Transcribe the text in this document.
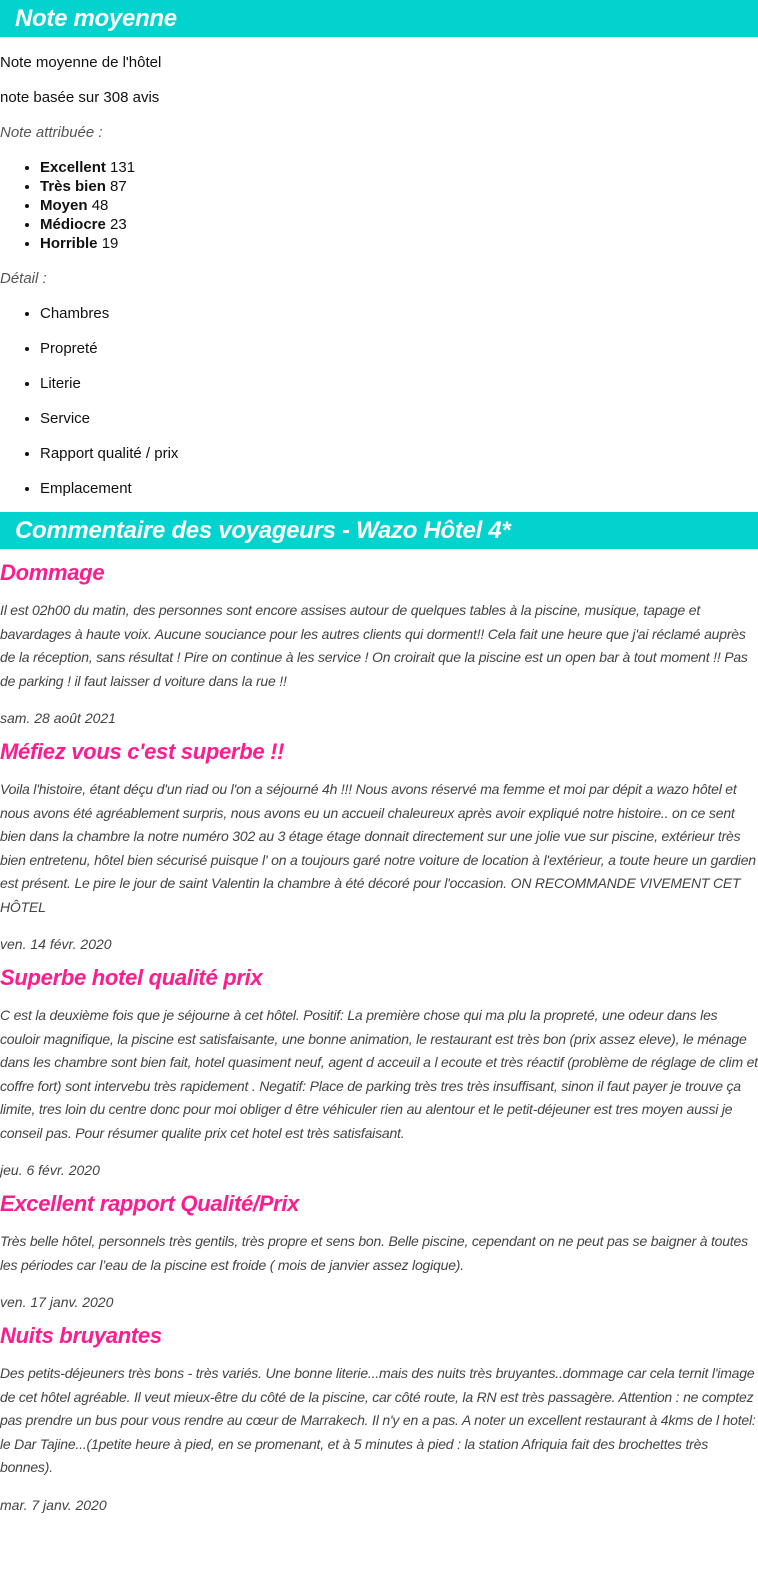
Note moyenne

Note moyenne de l'hôtel

note basée sur 308 avis

Note attribuée :

• Excellent 131
• Très bien 87
• Moyen 48
• Médiocre 23
• Horrible 19

Détail :

• Chambres
• Propreté
• Literie
• Service
• Rapport qualité / prix
• Emplacement
Commentaire des voyageurs - Wazo Hôtel 4*
Dommage

Il est 02h00 du matin, des personnes sont encore assises autour de quelques tables à la piscine, musique, tapage et bavardages à haute voix. Aucune souciance pour les autres clients qui dorment!! Cela fait une heure que j'ai réclamé auprès de la réception, sans résultat ! Pire on continue à les service ! On croirait que la piscine est un open bar à tout moment !! Pas de parking ! il faut laisser d voiture dans la rue !!

sam. 28 août 2021

Méfiez vous c'est superbe !!

Voila l'histoire, étant déçu d'un riad ou l'on a séjourné 4h !!! Nous avons réservé ma femme et moi par dépit a wazo hôtel et nous avons été agréablement surpris, nous avons eu un accueil chaleureux après avoir expliqué notre histoire.. on ce sent bien dans la chambre la notre numéro 302 au 3 étage étage donnait directement sur une jolie vue sur piscine, extérieur très bien entretenu, hôtel bien sécurisé puisque l' on a toujours garé notre voiture de location à l'extérieur, a toute heure un gardien est présent. Le pire le jour de saint Valentin la chambre à été décoré pour l'occasion. ON RECOMMANDE VIVEMENT CET HÔTEL

ven. 14 févr. 2020

Superbe hotel qualité prix

C est la deuxième fois que je séjourne à cet hôtel. Positif: La première chose qui ma plu la propreté, une odeur dans les couloir magnifique, la piscine est satisfaisante, une bonne animation, le restaurant est très bon (prix assez eleve), le ménage dans les chambre sont bien fait, hotel quasiment neuf, agent d acceuil a l ecoute et très réactif (problème de réglage de clim et coffre fort) sont intervebu très rapidement . Negatif: Place de parking très tres très insuffisant, sinon il faut payer je trouve ça limite, tres loin du centre donc pour moi obliger d être véhiculer rien au alentour et le petit-déjeuner est tres moyen aussi je conseil pas. Pour résumer qualite prix cet hotel est très satisfaisant.

jeu. 6 févr. 2020

Excellent rapport Qualité/Prix

Très belle hôtel, personnels très gentils, très propre et sens bon. Belle piscine, cependant on ne peut pas se baigner à toutes les périodes car l’eau de la piscine est froide ( mois de janvier assez logique).

ven. 17 janv. 2020

Nuits bruyantes

Des petits-déjeuners très bons - très variés. Une bonne literie...mais des nuits très bruyantes..dommage car cela ternit l'image de cet hôtel agréable. Il veut mieux-être du côté de la piscine, car côté route, la RN est très passagère. Attention : ne comptez pas prendre un bus pour vous rendre au cœur de Marrakech. Il n'y en a pas. A noter un excellent restaurant à 4kms de l hotel: le Dar Tajine...(1petite heure à pied, en se promenant, et à 5 minutes à pied : la station Afriquia fait des brochettes très bonnes).

mar. 7 janv. 2020
